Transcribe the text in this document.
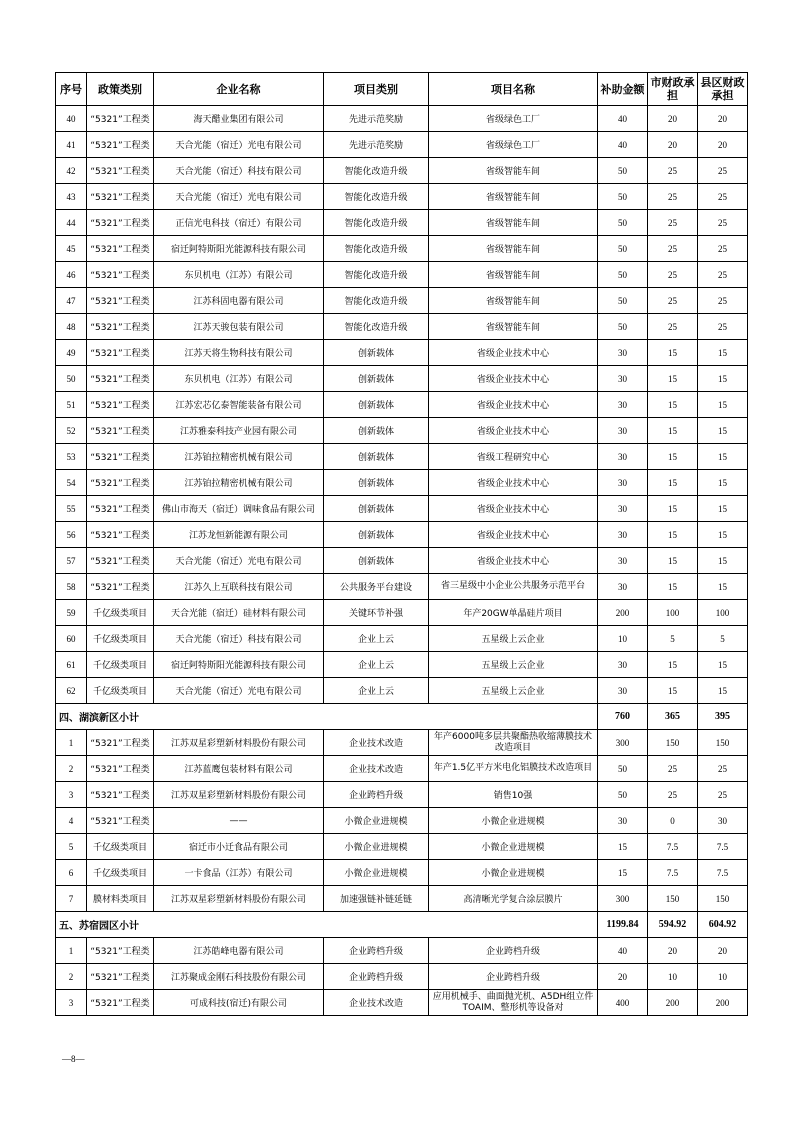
序号	政策类别	企业名称	项目类别	项目名称	补助金额	市财政承担	县区财政承担
40	“5321”工程类	海天醋业集团有限公司	先进示范奖励	省级绿色工厂	40	20	20
41	“5321”工程类	天合光能（宿迁）光电有限公司	先进示范奖励	省级绿色工厂	40	20	20
42	“5321”工程类	天合光能（宿迁）科技有限公司	智能化改造升级	省级智能车间	50	25	25
43	“5321”工程类	天合光能（宿迁）光电有限公司	智能化改造升级	省级智能车间	50	25	25
44	“5321”工程类	正信光电科技（宿迁）有限公司	智能化改造升级	省级智能车间	50	25	25
45	“5321”工程类	宿迁阿特斯阳光能源科技有限公司	智能化改造升级	省级智能车间	50	25	25
46	“5321”工程类	东贝机电（江苏）有限公司	智能化改造升级	省级智能车间	50	25	25
47	“5321”工程类	江苏科固电器有限公司	智能化改造升级	省级智能车间	50	25	25
48	“5321”工程类	江苏天骏包装有限公司	智能化改造升级	省级智能车间	50	25	25
49	“5321”工程类	江苏天将生物科技有限公司	创新载体	省级企业技术中心	30	15	15
50	“5321”工程类	东贝机电（江苏）有限公司	创新载体	省级企业技术中心	30	15	15
51	“5321”工程类	江苏宏芯亿泰智能装备有限公司	创新载体	省级企业技术中心	30	15	15
52	“5321”工程类	江苏雅泰科技产业园有限公司	创新载体	省级企业技术中心	30	15	15
53	“5321”工程类	江苏铂拉精密机械有限公司	创新载体	省级工程研究中心	30	15	15
54	“5321”工程类	江苏铂拉精密机械有限公司	创新载体	省级企业技术中心	30	15	15
55	“5321”工程类	佛山市海天（宿迁）调味食品有限公司	创新载体	省级企业技术中心	30	15	15
56	“5321”工程类	江苏龙恒新能源有限公司	创新载体	省级企业技术中心	30	15	15
57	“5321”工程类	天合光能（宿迁）光电有限公司	创新载体	省级企业技术中心	30	15	15
58	“5321”工程类	江苏久上互联科技有限公司	公共服务平台建设	省三星级中小企业公共服务示范平台	30	15	15
59	千亿级类项目	天合光能（宿迁）硅材料有限公司	关键环节补强	年产20GW单晶硅片项目	200	100	100
60	千亿级类项目	天合光能（宿迁）科技有限公司	企业上云	五星级上云企业	10	5	5
61	千亿级类项目	宿迁阿特斯阳光能源科技有限公司	企业上云	五星级上云企业	30	15	15
62	千亿级类项目	天合光能（宿迁）光电有限公司	企业上云	五星级上云企业	30	15	15
四、湖滨新区小计					760	365	395
1	“5321”工程类	江苏双星彩塑新材料股份有限公司	企业技术改造	年产6000吨多层共聚酯热收缩薄膜技术改造项目	300	150	150
2	“5321”工程类	江苏蓝鹰包装材料有限公司	企业技术改造	年产1.5亿平方米电化铝膜技术改造项目	50	25	25
3	“5321”工程类	江苏双星彩塑新材料股份有限公司	企业跨档升级	销售10强	50	25	25
4	“5321”工程类	——	小微企业进规模	小微企业进规模	30	0	30
5	千亿级类项目	宿迁市小迁食品有限公司	小微企业进规模	小微企业进规模	15	7.5	7.5
6	千亿级类项目	一卡食品（江苏）有限公司	小微企业进规模	小微企业进规模	15	7.5	7.5
7	膜材料类项目	江苏双星彩塑新材料股份有限公司	加速强链补链延链	高清晰光学复合涂层膜片	300	150	150
五、苏宿园区小计					1199.84	594.92	604.92
1	“5321”工程类	江苏皓峰电器有限公司	企业跨档升级	企业跨档升级	40	20	20
2	“5321”工程类	江苏聚成金刚石科技股份有限公司	企业跨档升级	企业跨档升级	20	10	10
3	“5321”工程类	可成科技(宿迁)有限公司	企业技术改造	应用机械手、曲面抛光机、A5DH组立件TOAIM、整形机等设备对	400	200	200
—8—
